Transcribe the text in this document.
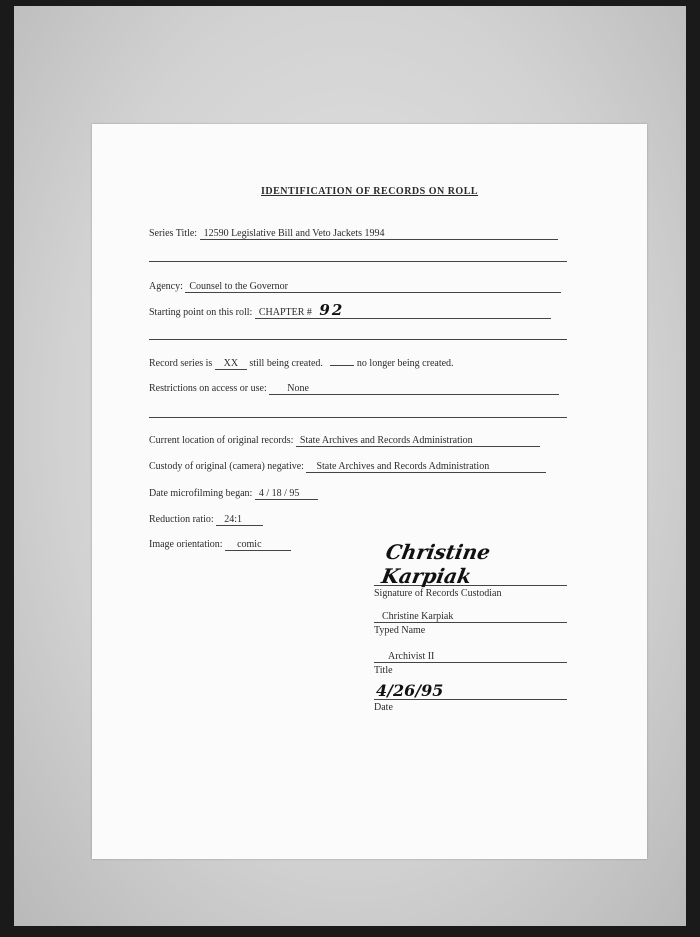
IDENTIFICATION OF RECORDS ON ROLL
Series Title: 12590 Legislative Bill and Veto Jackets 1994
Agency: Counsel to the Governor
Starting point on this roll: CHAPTER # 92
Record series is XX still being created.	no longer being created.
Restrictions on access or use: None
Current location of original records: State Archives and Records Administration
Custody of original (camera) negative: State Archives and Records Administration
Date microfilming began: 4 / 18 / 95
Reduction ratio: 24:1
Image orientation: comic	Christine Karpiak
Signature of Records Custodian
Christine Karpiak
Typed Name
Archivist II
Title
4/26/95
Date
